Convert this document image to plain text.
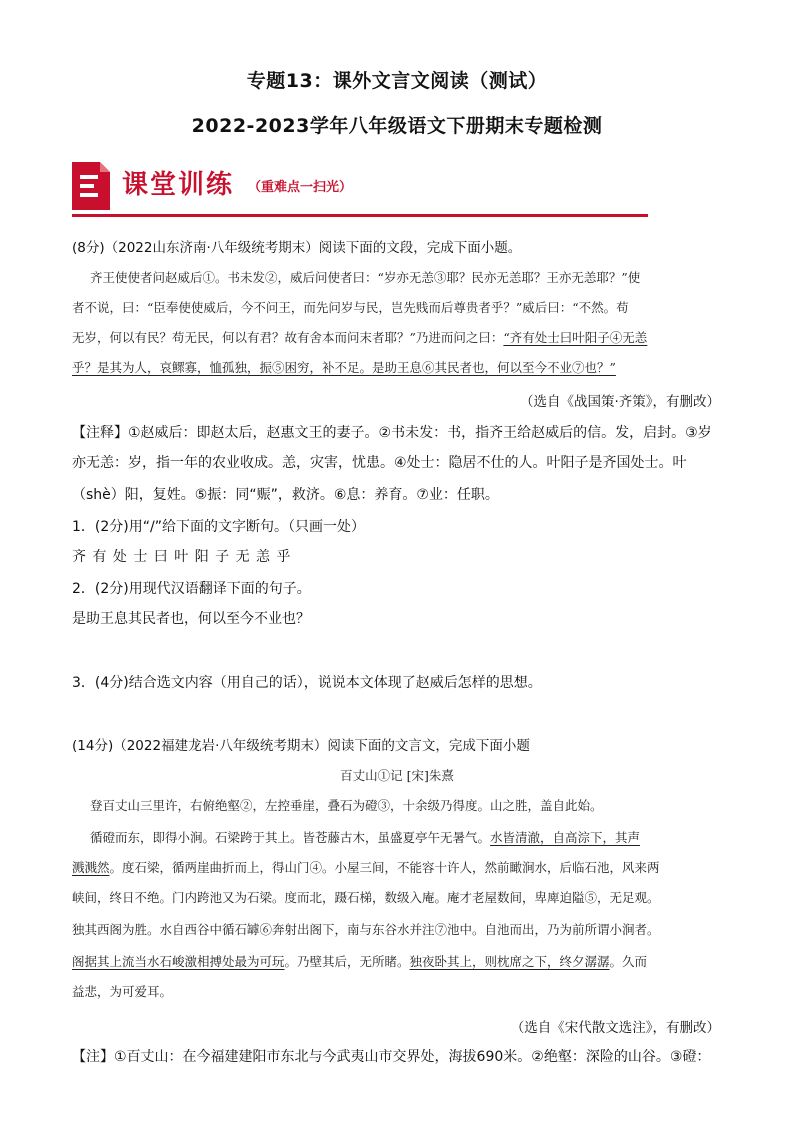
专题13：课外文言文阅读（测试）
2022-2023学年八年级语文下册期末专题检测
课堂训练 （重难点一扫光）
(8分)（2022山东济南·八年级统考期末）阅读下面的文段，完成下面小题。
齐王使使者问赵威后①。书未发②，威后问使者曰：“岁亦无恙③耶？民亦无恙耶？王亦无恙耶？”使
者不说，曰：“臣奉使使威后，今不问王，而先问岁与民，岂先贱而后尊贵者乎？”威后曰：“不然。苟
无岁，何以有民？苟无民，何以有君？故有舍本而问末者耶？”乃进而问之曰：“齐有处士曰叶阳子④无恙
乎？是其为人，哀鳏寡，恤孤独，振⑤困穷，补不足。是助王息⑥其民者也，何以至今不业⑦也？”
（选自《战国策·齐策》，有删改）
【注释】①赵威后：即赵太后，赵惠文王的妻子。②书未发：书，指齐王给赵威后的信。发，启封。③岁
亦无恙：岁，指一年的农业收成。恙，灾害，忧患。④处士：隐居不仕的人。叶阳子是齐国处士。叶
（shè）阳，复姓。⑤振：同“赈”，救济。⑥息：养育。⑦业：任职。
1．(2分)用“/”给下面的文字断句。（只画一处）
齐 有 处 士 曰 叶 阳 子 无 恙 乎
2．(2分)用现代汉语翻译下面的句子。
是助王息其民者也，何以至今不业也？
3．(4分)结合选文内容（用自己的话），说说本文体现了赵威后怎样的思想。
(14分)（2022福建龙岩·八年级统考期末）阅读下面的文言文，完成下面小题
百丈山①记 [宋]朱熹
登百丈山三里许，右俯绝壑②，左控垂崖，叠石为磴③，十余级乃得度。山之胜，盖自此始。
循磴而东，即得小涧。石梁跨于其上。皆苍藤古木，虽盛夏亭午无暑气。水皆清澈，自高淙下，其声
溅溅然。度石梁，循两崖曲折而上，得山门④。小屋三间，不能容十许人，然前瞰涧水，后临石池，风来两
峡间，终日不绝。门内跨池又为石梁。度而北，蹑石梯，数级入庵。庵才老屋数间，卑庳迫隘⑤，无足观。
独其西阁为胜。水自西谷中循石罅⑥奔射出阁下，南与东谷水并注⑦池中。自池而出，乃为前所谓小涧者。
阁据其上流当水石峻激相搏处最为可玩。乃壁其后，无所睹。独夜卧其上，则枕席之下，终夕潺潺。久而
益悲，为可爱耳。
（选自《宋代散文选注》，有删改）
【注】①百丈山：在今福建建阳市东北与今武夷山市交界处，海拔690米。②绝壑：深险的山谷。③磴：
